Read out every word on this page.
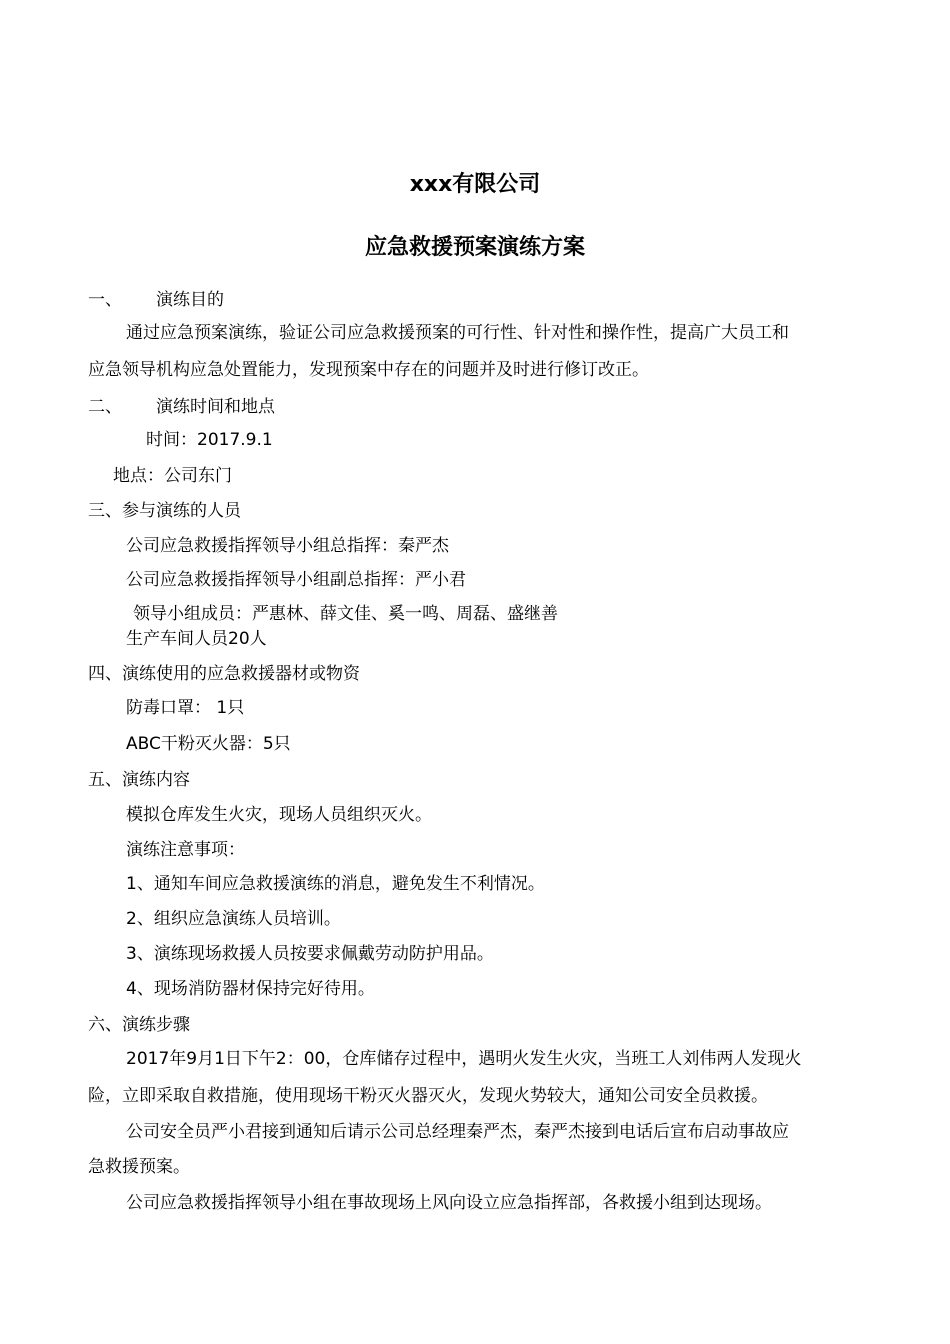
xxx有限公司
应急救援预案演练方案
一、 演练目的
通过应急预案演练，验证公司应急救援预案的可行性、针对性和操作性，提高广大员工和
应急领导机构应急处置能力，发现预案中存在的问题并及时进行修订改正。
二、 演练时间和地点
时间：2017.9.1
地点：公司东门
三、参与演练的人员
公司应急救援指挥领导小组总指挥：秦严杰
公司应急救援指挥领导小组副总指挥：严小君
领导小组成员：严惠林、薛文佳、奚一鸣、周磊、盛继善
生产车间人员20人
四、演练使用的应急救援器材或物资
防毒口罩： 1只
ABC干粉灭火器：5只
五、演练内容
模拟仓库发生火灾，现场人员组织灭火。
演练注意事项：
1、通知车间应急救援演练的消息，避免发生不利情况。
2、组织应急演练人员培训。
3、演练现场救援人员按要求佩戴劳动防护用品。
4、现场消防器材保持完好待用。
六、演练步骤
2017年9月1日下午2：00，仓库储存过程中，遇明火发生火灾，当班工人刘伟两人发现火
险，立即采取自救措施，使用现场干粉灭火器灭火，发现火势较大，通知公司安全员救援。
公司安全员严小君接到通知后请示公司总经理秦严杰，秦严杰接到电话后宣布启动事故应
急救援预案。
公司应急救援指挥领导小组在事故现场上风向设立应急指挥部，各救援小组到达现场。
